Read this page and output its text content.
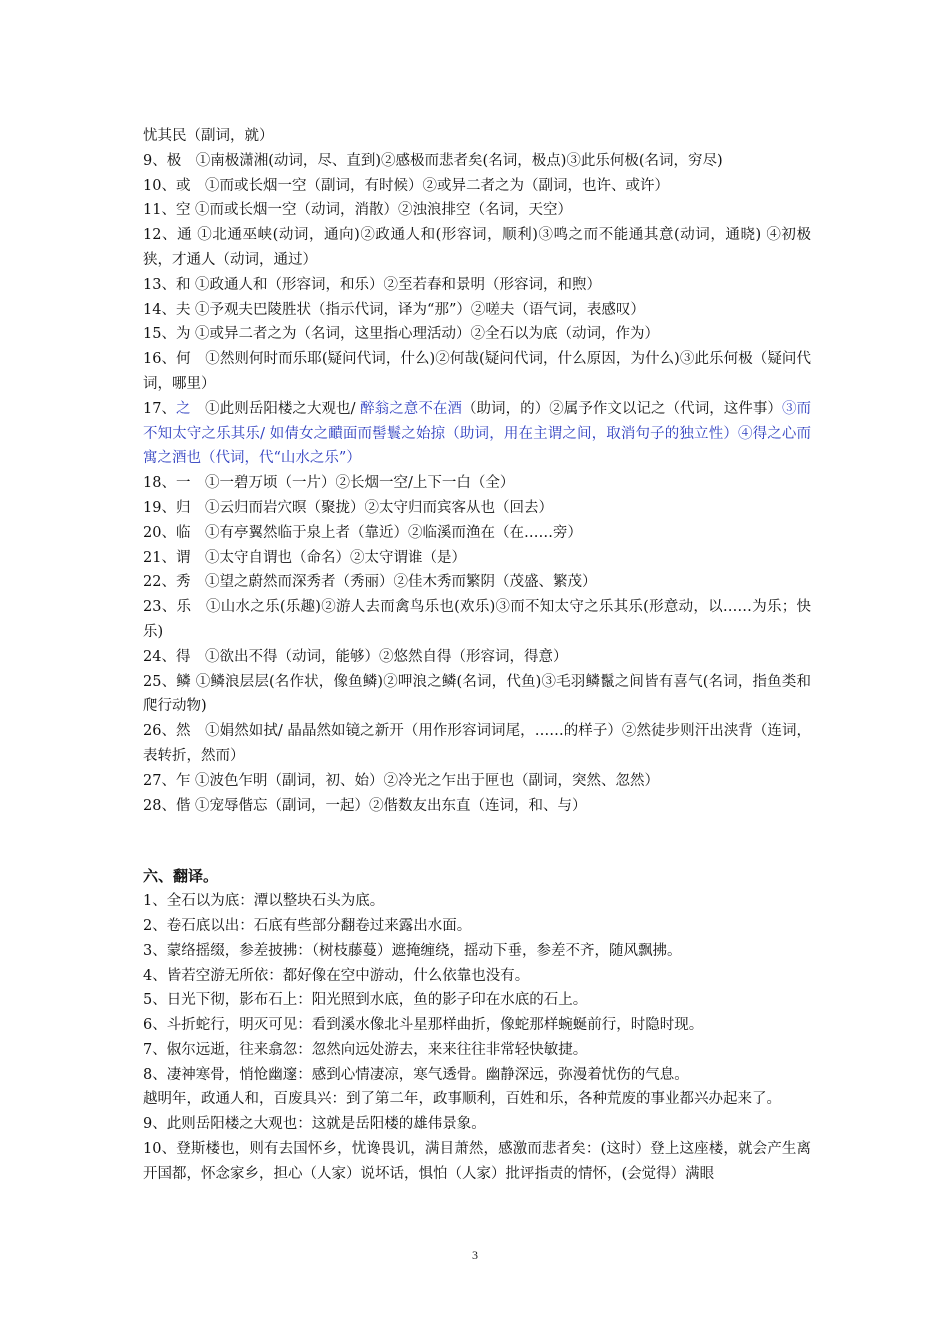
忧其民（副词，就）

9、极　①南极潇湘(动词，尽、直到)②感极而悲者矣(名词，极点)③此乐何极(名词，穷尽)

10、或　①而或长烟一空（副词，有时候）②或异二者之为（副词，也许、或许）

11、空 ①而或长烟一空（动词，消散）②浊浪排空（名词，天空）

12、通 ①北通巫峡(动词，通向)②政通人和(形容词，顺利)③鸣之而不能通其意(动词，通晓) ④初极狭，才通人（动词，通过）

13、和 ①政通人和（形容词，和乐）②至若春和景明（形容词，和煦）

14、夫 ①予观夫巴陵胜状（指示代词，译为“那”）②嗟夫（语气词，表感叹）

15、为 ①或异二者之为（名词，这里指心理活动）②全石以为底（动词，作为）

16、何　①然则何时而乐耶(疑问代词，什么)②何哉(疑问代词，什么原因，为什么)③此乐何极（疑问代词，哪里）

17、之　①此则岳阳楼之大观也/ 醉翁之意不在酒（助词，的）②属予作文以记之（代词，这件事）③而不知太守之乐其乐/ 如倩女之靧面而髻鬟之始掠（助词，用在主谓之间，取消句子的独立性）④得之心而寓之酒也（代词，代“山水之乐”）

18、一　①一碧万顷（一片）②长烟一空/上下一白（全）

19、归　①云归而岩穴暝（聚拢）②太守归而宾客从也（回去）

20、临　①有亭翼然临于泉上者（靠近）②临溪而渔在（在……旁）

21、谓　①太守自谓也（命名）②太守谓谁（是）

22、秀　①望之蔚然而深秀者（秀丽）②佳木秀而繁阴（茂盛、繁茂）

23、乐　①山水之乐(乐趣)②游人去而禽鸟乐也(欢乐)③而不知太守之乐其乐(形意动，以……为乐；快乐)

24、得　①欲出不得（动词，能够）②悠然自得（形容词，得意）

25、鳞 ①鳞浪层层(名作状，像鱼鳞)②呷浪之鳞(名词，代鱼)③毛羽鳞鬣之间皆有喜气(名词，指鱼类和爬行动物)

26、然　①娟然如拭/ 晶晶然如镜之新开（用作形容词词尾，……的样子）②然徒步则汗出浃背（连词，表转折，然而）

27、乍 ①波色乍明（副词，初、始）②冷光之乍出于匣也（副词，突然、忽然）

28、偕 ①宠辱偕忘（副词，一起）②偕数友出东直（连词，和、与）

六、翻译。

1、全石以为底：潭以整块石头为底。

2、卷石底以出：石底有些部分翻卷过来露出水面。

3、蒙络摇缀，参差披拂：（树枝藤蔓）遮掩缠绕，摇动下垂，参差不齐，随风飘拂。

4、皆若空游无所依：都好像在空中游动，什么依靠也没有。

5、日光下彻，影布石上：阳光照到水底，鱼的影子印在水底的石上。

6、斗折蛇行，明灭可见：看到溪水像北斗星那样曲折，像蛇那样蜿蜒前行，时隐时现。

7、俶尔远逝，往来翕忽：忽然向远处游去，来来往往非常轻快敏捷。

8、凄神寒骨，悄怆幽邃：感到心情凄凉，寒气透骨。幽静深远，弥漫着忧伤的气息。

越明年，政通人和，百废具兴：到了第二年，政事顺利，百姓和乐，各种荒废的事业都兴办起来了。

9、此则岳阳楼之大观也：这就是岳阳楼的雄伟景象。

10、登斯楼也，则有去国怀乡，忧谗畏讥，满目萧然，感激而悲者矣：(这时）登上这座楼，就会产生离开国都，怀念家乡，担心（人家）说坏话，惧怕（人家）批评指责的情怀，(会觉得）满眼

3
